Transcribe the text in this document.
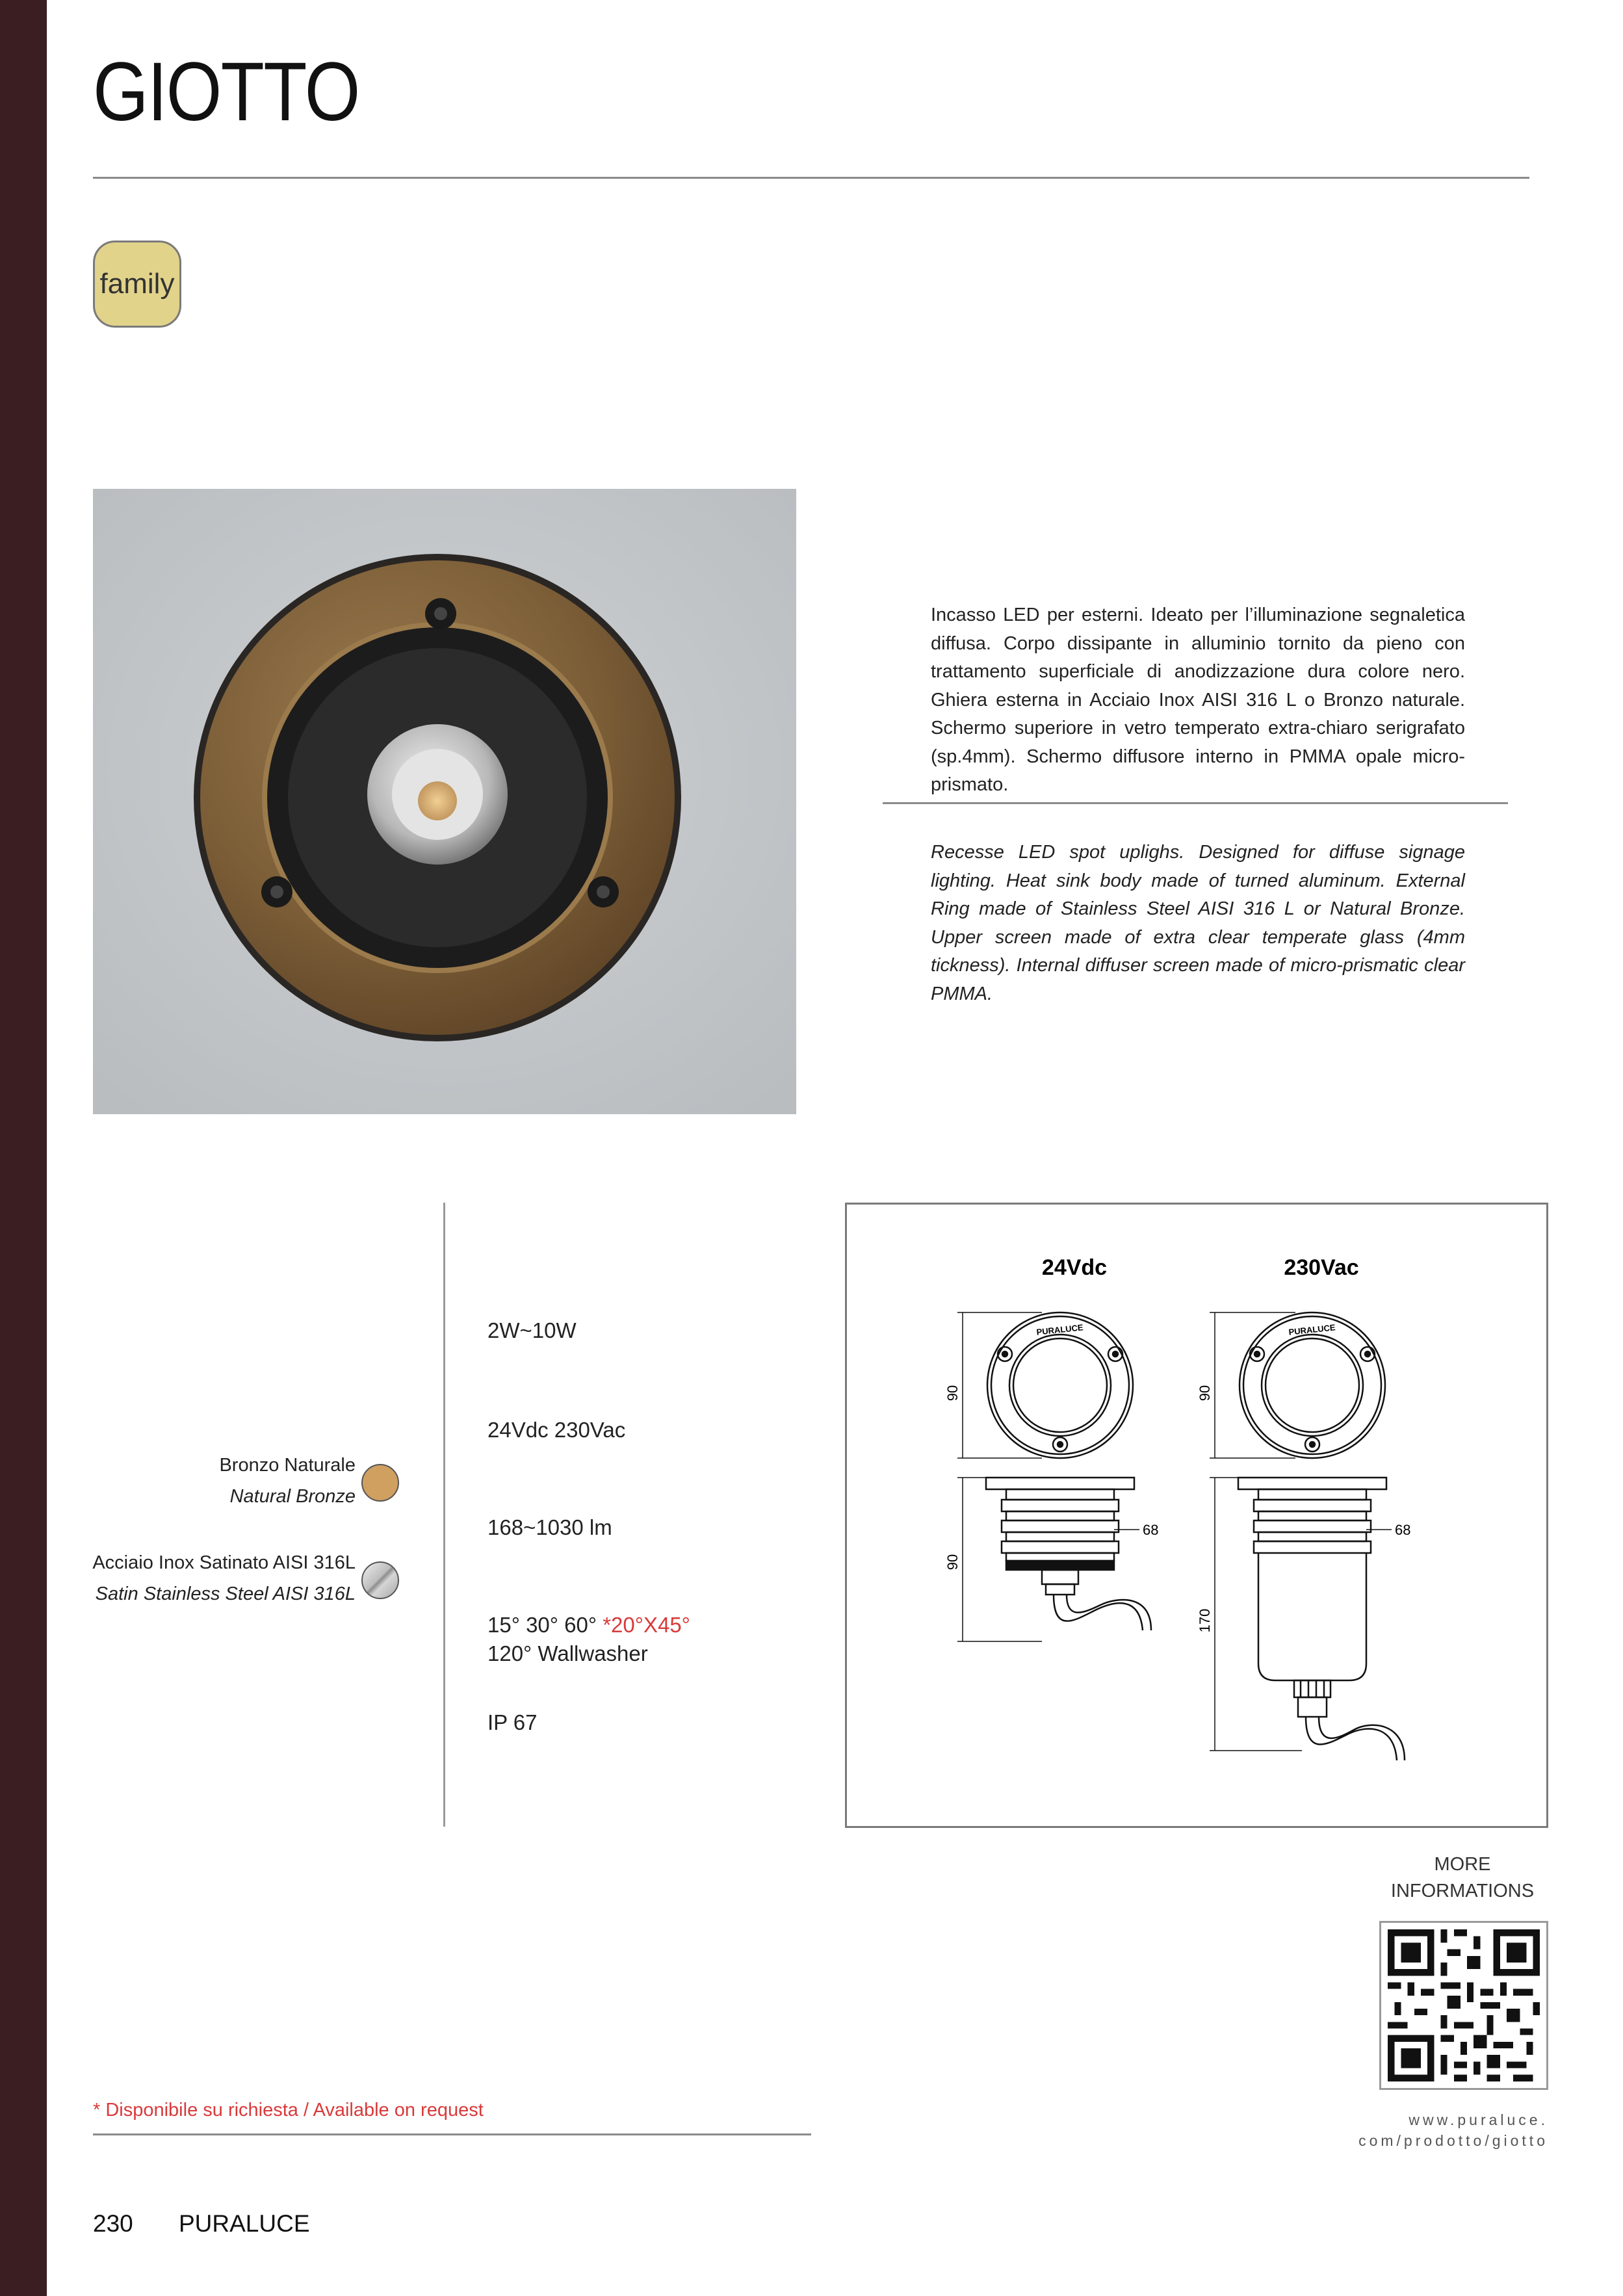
GIOTTO
family
Incasso LED per esterni. Ideato per l’illuminazione segnaletica diffusa. Corpo dissipante in alluminio tornito da pieno con trattamento superficiale di anodizzazione dura colore nero. Ghiera esterna in Acciaio Inox AISI 316 L o Bronzo naturale. Schermo superiore in vetro temperato extra-chiaro serigrafato (sp.4mm). Schermo diffusore interno in PMMA opale micro-prismato.
Recesse LED spot uplighs. Designed for diffuse signage lighting. Heat sink body made of turned aluminum. External Ring made of Stainless Steel AISI 316 L or Natural Bronze. Upper screen made of extra clear temperate glass (4mm tickness). Internal diffuser screen made of micro-prismatic clear PMMA.
Bronzo Naturale
Natural Bronze
Acciaio Inox Satinato AISI 316L
Satin Stainless Steel AISI 316L
2W~10W
24Vdc 230Vac
168~1030 lm
15° 30° 60° *20°X45°
120° Wallwasher
IP 67
24Vdc	230Vac
PURALUCE
90
90
68
PURALUCE
90
170
68
MORE
INFORMATIONS
www.puraluce.
com/prodotto/giotto
* Disponibile su richiesta / Available on request
230 PURALUCE
